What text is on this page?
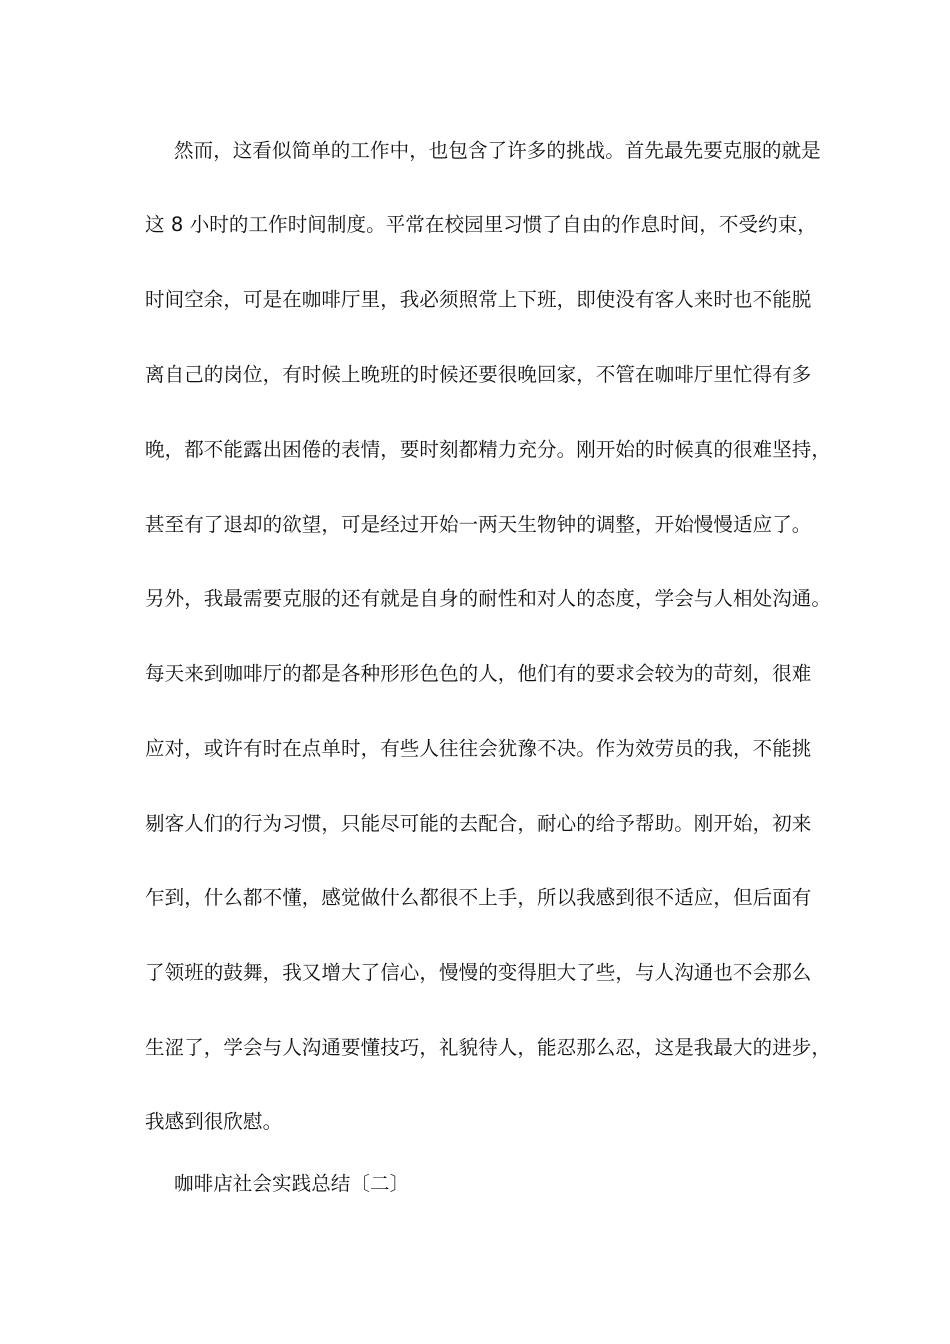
然而，这看似简单的工作中，也包含了许多的挑战。首先最先要克服的就是
这 8 小时的工作时间制度。平常在校园里习惯了自由的作息时间，不受约束，
时间空余，可是在咖啡厅里，我必须照常上下班，即使没有客人来时也不能脱
离自己的岗位，有时候上晚班的时候还要很晚回家，不管在咖啡厅里忙得有多
晚，都不能露出困倦的表情，要时刻都精力充分。刚开始的时候真的很难坚持，
甚至有了退却的欲望，可是经过开始一两天生物钟的调整，开始慢慢适应了。
另外，我最需要克服的还有就是自身的耐性和对人的态度，学会与人相处沟通。
每天来到咖啡厅的都是各种形形色色的人，他们有的要求会较为的苛刻，很难
应对，或许有时在点单时，有些人往往会犹豫不决。作为效劳员的我，不能挑
剔客人们的行为习惯，只能尽可能的去配合，耐心的给予帮助。刚开始，初来
乍到，什么都不懂，感觉做什么都很不上手，所以我感到很不适应，但后面有
了领班的鼓舞，我又增大了信心，慢慢的变得胆大了些，与人沟通也不会那么
生涩了，学会与人沟通要懂技巧，礼貌待人，能忍那么忍，这是我最大的进步，
我感到很欣慰。
咖啡店社会实践总结〔二〕
